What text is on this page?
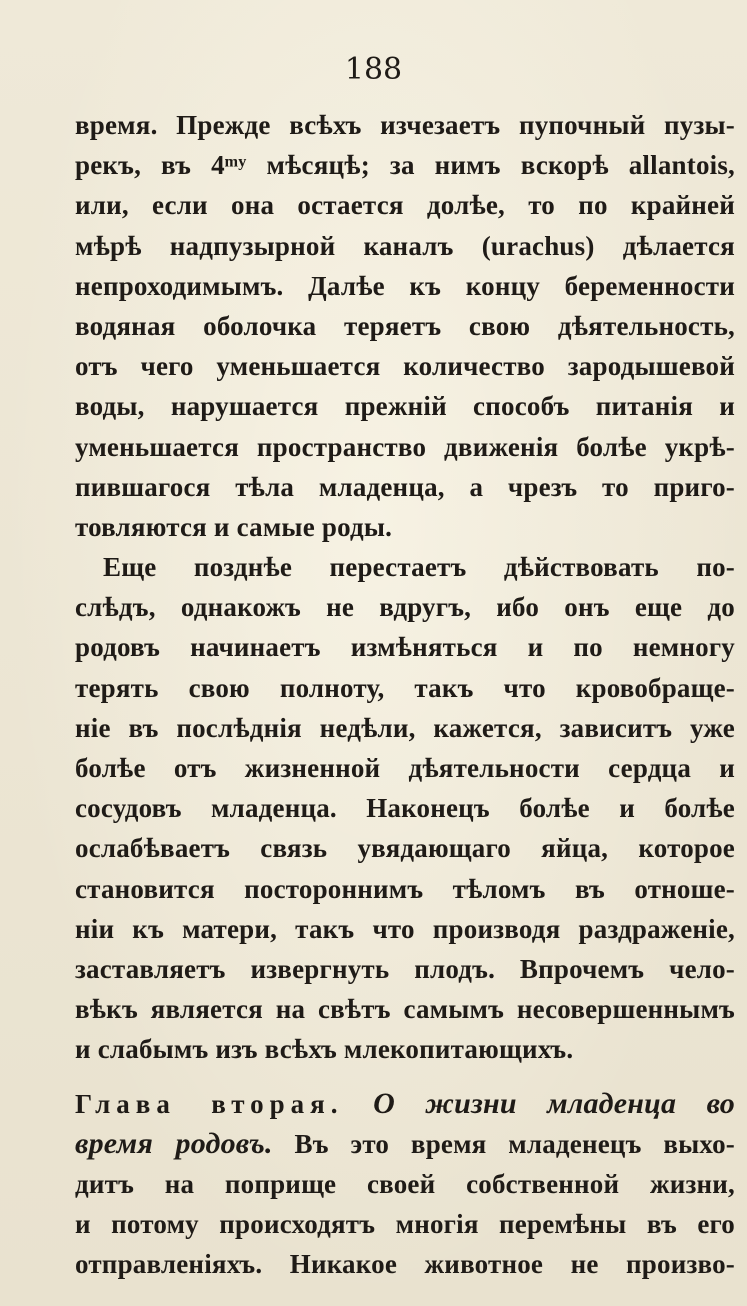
188
время. Прежде всѣхъ изчезаетъ пупочный пузы-
рекъ, въ 4ᵐʸ мѣсяцѣ; за нимъ вскорѣ allantois,
или, если она остается долѣе, то по крайней
мѣрѣ надпузырной каналъ (urachus) дѣлается
непроходимымъ. Далѣе къ концу беременности
водяная оболочка теряетъ свою дѣятельность,
отъ чего уменьшается количество зародышевой
воды, нарушается прежній способъ питанія и
уменьшается пространство движенія болѣе укрѣ-
пившагося тѣла младенца, а чрезъ то приго-
товляются и самые роды.
Еще позднѣе перестаетъ дѣйствовать по-
слѣдъ, однакожъ не вдругъ, ибо онъ еще до
родовъ начинаетъ измѣняться и по немногу
терять свою полноту, такъ что кровобраще-
ніе въ послѣднія недѣли, кажется, зависитъ уже
болѣе отъ жизненной дѣятельности сердца и
сосудовъ младенца. Наконецъ болѣе и болѣе
ослабѣваетъ связь увядающаго яйца, которое
становится постороннимъ тѣломъ въ отноше-
ніи къ матери, такъ что производя раздраженіе,
заставляетъ извергнуть плодъ. Впрочемъ чело-
вѣкъ является на свѣтъ самымъ несовершеннымъ
и слабымъ изъ всѣхъ млекопитающихъ.
Глава вторая. О жизни младенца во
время родовъ. Въ это время младенецъ выхо-
дитъ на поприще своей собственной жизни,
и потому происходятъ многія перемѣны въ его
отправленіяхъ. Никакое животное не произво-
